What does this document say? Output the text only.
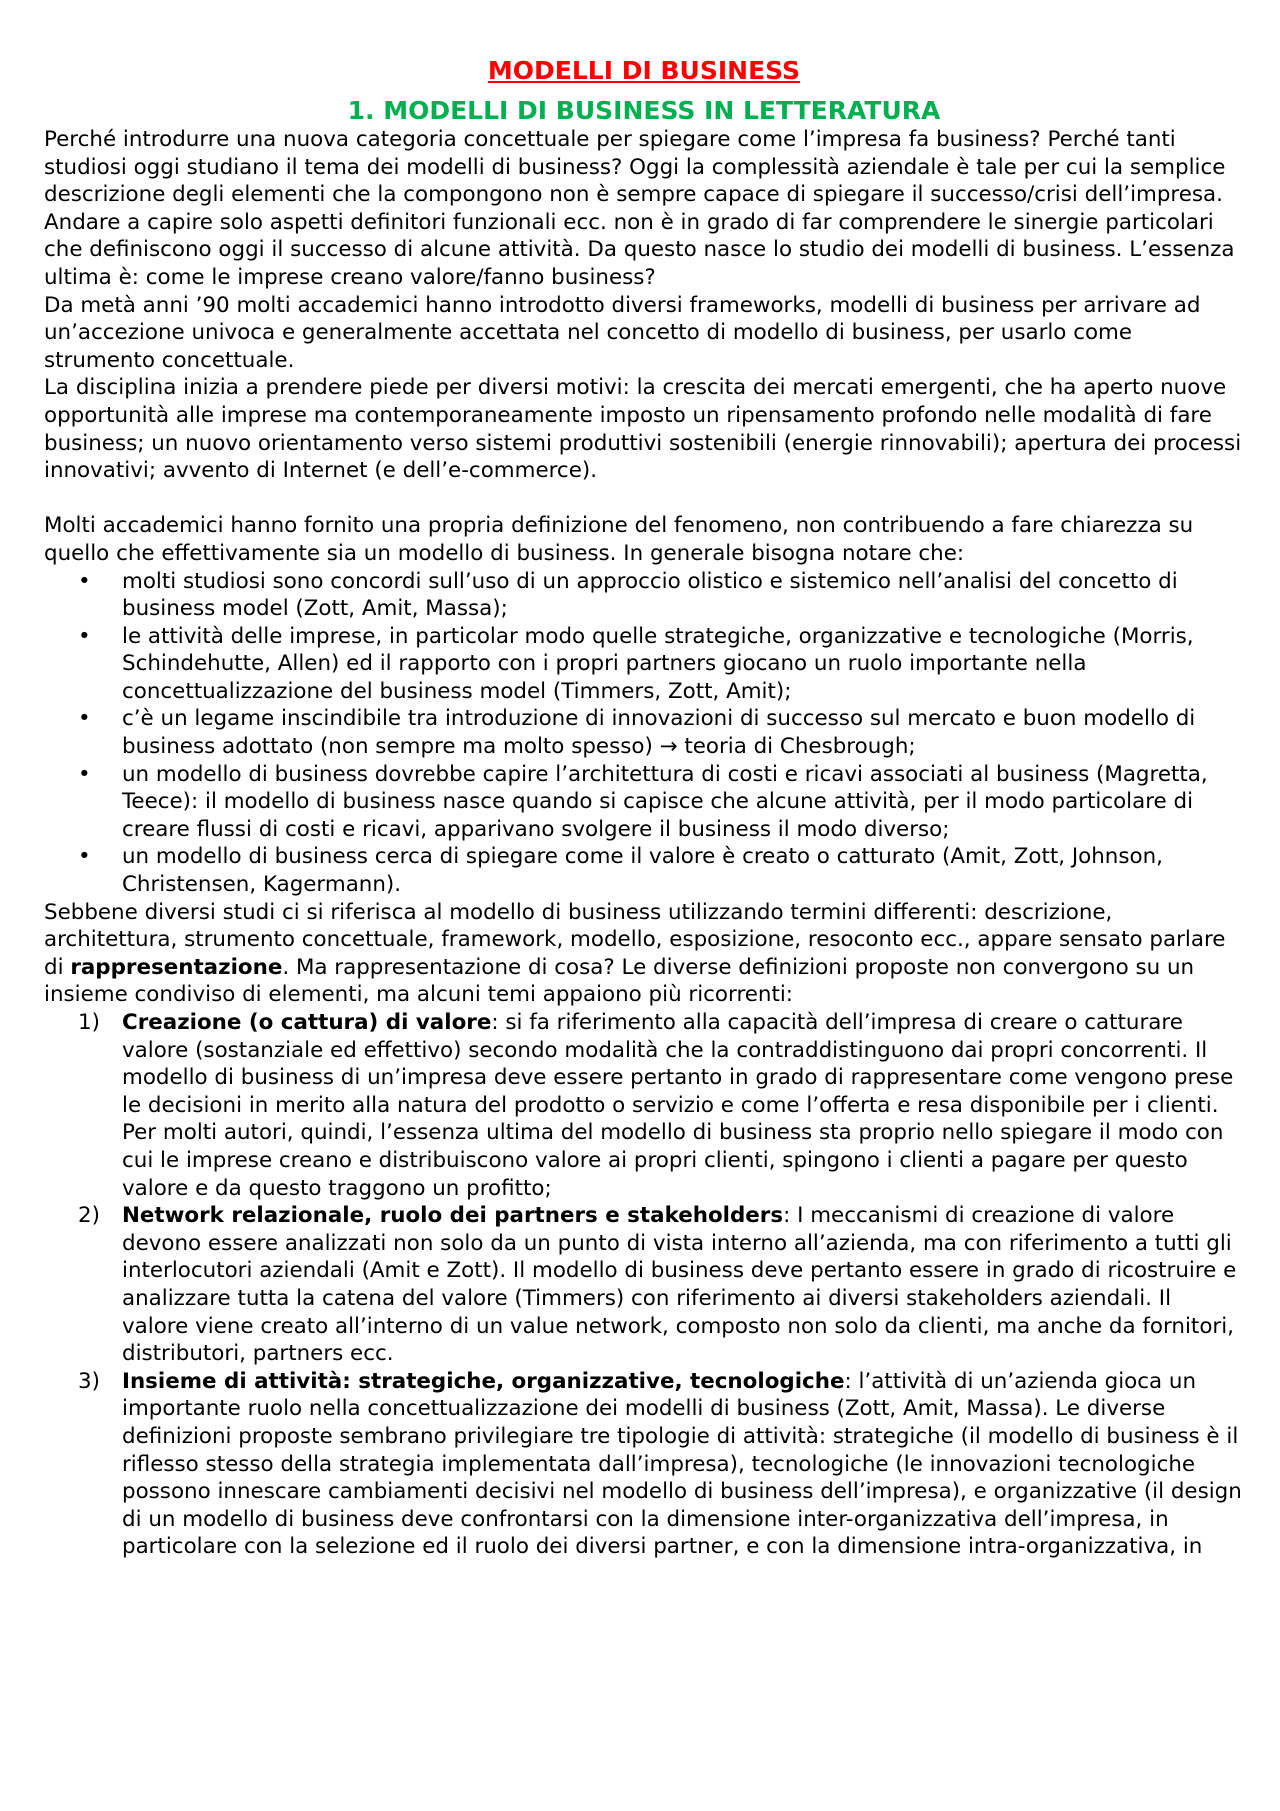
MODELLI DI BUSINESS
1. MODELLI DI BUSINESS IN LETTERATURA

Perché introdurre una nuova categoria concettuale per spiegare come l’impresa fa business? Perché tanti studiosi oggi studiano il tema dei modelli di business? Oggi la complessità aziendale è tale per cui la semplice descrizione degli elementi che la compongono non è sempre capace di spiegare il successo/crisi dell’impresa. Andare a capire solo aspetti definitori funzionali ecc. non è in grado di far comprendere le sinergie particolari che definiscono oggi il successo di alcune attività. Da questo nasce lo studio dei modelli di business. L’essenza ultima è: come le imprese creano valore/fanno business?

Da metà anni ’90 molti accademici hanno introdotto diversi frameworks, modelli di business per arrivare ad un’accezione univoca e generalmente accettata nel concetto di modello di business, per usarlo come strumento concettuale.

La disciplina inizia a prendere piede per diversi motivi: la crescita dei mercati emergenti, che ha aperto nuove opportunità alle imprese ma contemporaneamente imposto un ripensamento profondo nelle modalità di fare business; un nuovo orientamento verso sistemi produttivi sostenibili (energie rinnovabili); apertura dei processi innovativi; avvento di Internet (e dell’e-commerce).

Molti accademici hanno fornito una propria definizione del fenomeno, non contribuendo a fare chiarezza su quello che effettivamente sia un modello di business. In generale bisogna notare che:

• molti studiosi sono concordi sull’uso di un approccio olistico e sistemico nell’analisi del concetto di business model (Zott, Amit, Massa);
• le attività delle imprese, in particolar modo quelle strategiche, organizzative e tecnologiche (Morris, Schindehutte, Allen) ed il rapporto con i propri partners giocano un ruolo importante nella concettualizzazione del business model (Timmers, Zott, Amit);
• c’è un legame inscindibile tra introduzione di innovazioni di successo sul mercato e buon modello di business adottato (non sempre ma molto spesso) → teoria di Chesbrough;
• un modello di business dovrebbe capire l’architettura di costi e ricavi associati al business (Magretta, Teece): il modello di business nasce quando si capisce che alcune attività, per il modo particolare di creare flussi di costi e ricavi, apparivano svolgere il business il modo diverso;
• un modello di business cerca di spiegare come il valore è creato o catturato (Amit, Zott, Johnson, Christensen, Kagermann).

Sebbene diversi studi ci si riferisca al modello di business utilizzando termini differenti: descrizione, architettura, strumento concettuale, framework, modello, esposizione, resoconto ecc., appare sensato parlare di rappresentazione. Ma rappresentazione di cosa? Le diverse definizioni proposte non convergono su un insieme condiviso di elementi, ma alcuni temi appaiono più ricorrenti:

1) Creazione (o cattura) di valore: si fa riferimento alla capacità dell’impresa di creare o catturare valore (sostanziale ed effettivo) secondo modalità che la contraddistinguono dai propri concorrenti. Il modello di business di un’impresa deve essere pertanto in grado di rappresentare come vengono prese le decisioni in merito alla natura del prodotto o servizio e come l’offerta e resa disponibile per i clienti. Per molti autori, quindi, l’essenza ultima del modello di business sta proprio nello spiegare il modo con cui le imprese creano e distribuiscono valore ai propri clienti, spingono i clienti a pagare per questo valore e da questo traggono un profitto;
2) Network relazionale, ruolo dei partners e stakeholders: I meccanismi di creazione di valore devono essere analizzati non solo da un punto di vista interno all’azienda, ma con riferimento a tutti gli interlocutori aziendali (Amit e Zott). Il modello di business deve pertanto essere in grado di ricostruire e analizzare tutta la catena del valore (Timmers) con riferimento ai diversi stakeholders aziendali. Il valore viene creato all’interno di un value network, composto non solo da clienti, ma anche da fornitori, distributori, partners ecc.
3) Insieme di attività: strategiche, organizzative, tecnologiche: l’attività di un’azienda gioca un importante ruolo nella concettualizzazione dei modelli di business (Zott, Amit, Massa). Le diverse definizioni proposte sembrano privilegiare tre tipologie di attività: strategiche (il modello di business è il riflesso stesso della strategia implementata dall’impresa), tecnologiche (le innovazioni tecnologiche possono innescare cambiamenti decisivi nel modello di business dell’impresa), e organizzative (il design di un modello di business deve confrontarsi con la dimensione inter-organizzativa dell’impresa, in particolare con la selezione ed il ruolo dei diversi partner, e con la dimensione intra-organizzativa, in
